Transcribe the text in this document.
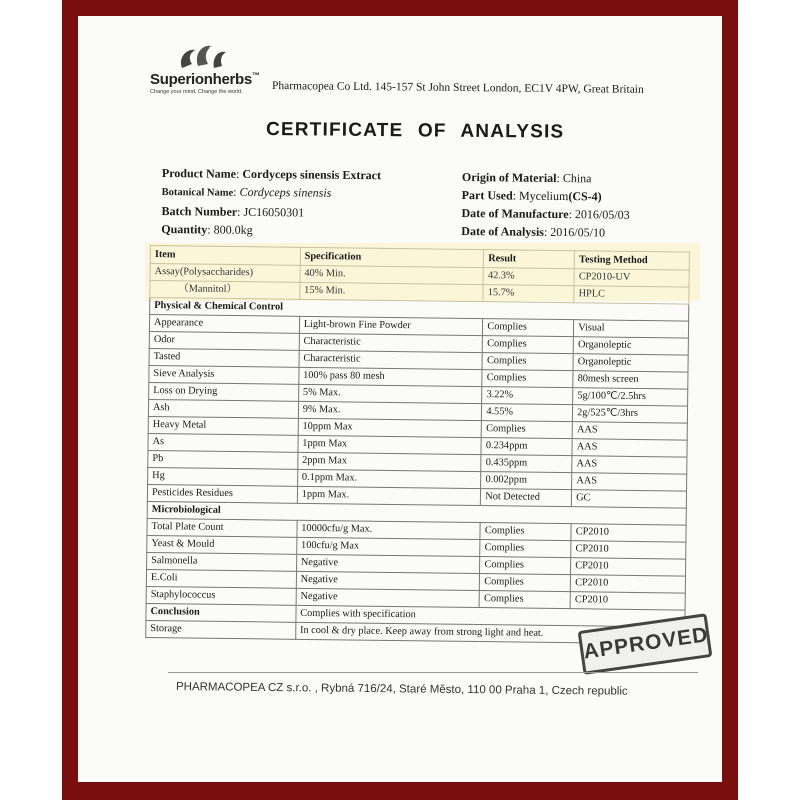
Superionherbs™
Change your mind. Change the world.	Pharmacopea Co Ltd. 145-157 St John Street London, EC1V 4PW, Great Britain
CERTIFICATE OF ANALYSIS
Product Name: Cordyceps sinensis Extract
Botanical Name: Cordyceps sinensis
Batch Number: JC16050301
Quantity: 800.0kg
Origin of Material: China
Part Used: Mycelium(CS-4)
Date of Manufacture: 2016/05/03
Date of Analysis: 2016/05/10
Item	Specification	Result	Testing Method
Assay(Polysaccharides)	40% Min.	42.3%	CP2010-UV
（Mannitol）	15% Min.	15.7%	HPLC
Physical & Chemical Control			
Appearance	Light-brown Fine Powder	Complies	Visual
Odor	Characteristic	Complies	Organoleptic
Tasted	Characteristic	Complies	Organoleptic
Sieve Analysis	100% pass 80 mesh	Complies	80mesh screen
Loss on Drying	5% Max.	3.22%	5g/100℃/2.5hrs
Ash	9% Max.	4.55%	2g/525℃/3hrs
Heavy Metal	10ppm Max	Complies	AAS
As	1ppm Max	0.234ppm	AAS
Pb	2ppm Max	0.435ppm	AAS
Hg	0.1ppm Max.	0.002ppm	AAS
Pesticides Residues	1ppm Max.	Not Detected	GC
Microbiological			
Total Plate Count	10000cfu/g Max.	Complies	CP2010
Yeast & Mould	100cfu/g Max	Complies	CP2010
Salmonella	Negative	Complies	CP2010
E.Coli	Negative	Complies	CP2010
Staphylococcus	Negative	Complies	CP2010
Conclusion	Complies with specification		
Storage	In cool & dry place. Keep away from strong light and heat.		APPROVED
PHARMACOPEA CZ s.r.o. , Rybná 716/24, Staré Město, 110 00 Praha 1, Czech republic
